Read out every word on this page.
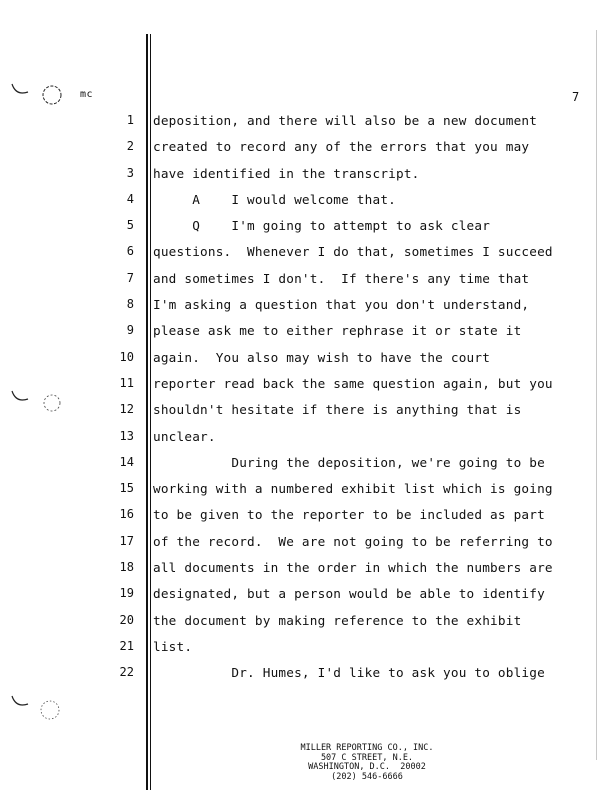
mc	7
1 deposition, and there will also be a new document
2 created to record any of the errors that you may
3 have identified in the transcript.
4 A    I would welcome that.
5 Q    I'm going to attempt to ask clear
6 questions.  Whenever I do that, sometimes I succeed
7 and sometimes I don't.  If there's any time that
8 I'm asking a question that you don't understand,
9 please ask me to either rephrase it or state it
10 again.  You also may wish to have the court
11 reporter read back the same question again, but you
12 shouldn't hesitate if there is anything that is
13 unclear.
14 During the deposition, we're going to be
15 working with a numbered exhibit list which is going
16 to be given to the reporter to be included as part
17 of the record.  We are not going to be referring to
18 all documents in the order in which the numbers are
19 designated, but a person would be able to identify
20 the document by making reference to the exhibit
21 list.
22 Dr. Humes, I'd like to ask you to oblige
MILLER REPORTING CO., INC.
507 C STREET, N.E.
WASHINGTON, D.C.  20002
(202) 546-6666
